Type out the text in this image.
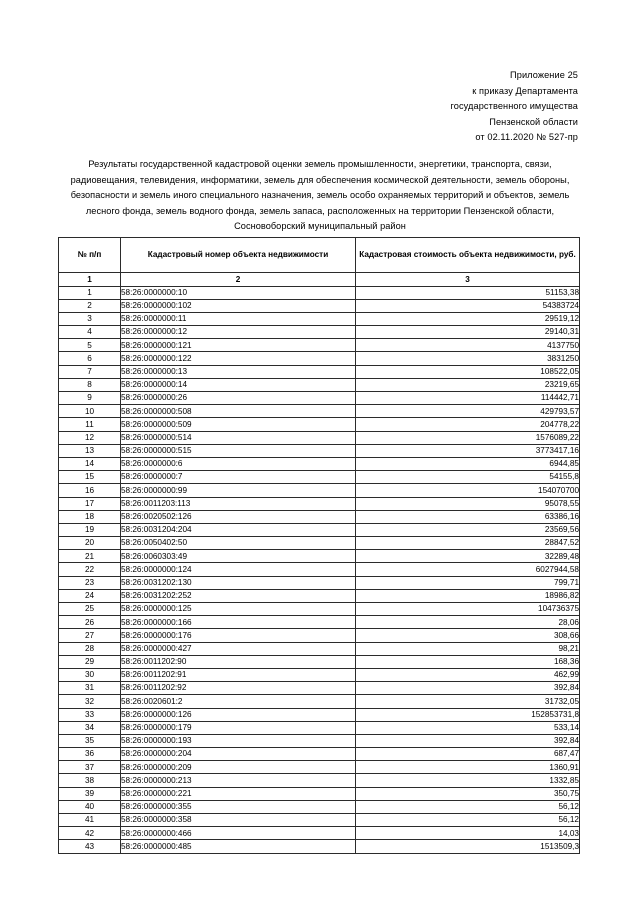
Приложение 25
к приказу Департамента
государственного имущества
Пензенской области
от 02.11.2020 № 527-пр
Результаты государственной кадастровой оценки земель промышленности, энергетики, транспорта, связи, радиовещания, телевидения, информатики, земель для обеспечения космической деятельности, земель обороны, безопасности и земель иного специального назначения, земель особо охраняемых территорий и объектов, земель лесного фонда, земель водного фонда, земель запаса, расположенных на территории Пензенской области, Сосновоборский муниципальный район
№ п/п	Кадастровый номер объекта недвижимости	Кадастровая стоимость объекта недвижимости, руб.
1	2	3
1	58:26:0000000:10	51153,38
2	58:26:0000000:102	54383724
3	58:26:0000000:11	29519,12
4	58:26:0000000:12	29140,31
5	58:26:0000000:121	4137750
6	58:26:0000000:122	3831250
7	58:26:0000000:13	108522,05
8	58:26:0000000:14	23219,65
9	58:26:0000000:26	114442,71
10	58:26:0000000:508	429793,57
11	58:26:0000000:509	204778,22
12	58:26:0000000:514	1576089,22
13	58:26:0000000:515	3773417,16
14	58:26:0000000:6	6944,85
15	58:26:0000000:7	54155,8
16	58:26:0000000:99	154070700
17	58:26:0011203:113	95078,55
18	58:26:0020502:126	63386,16
19	58:26:0031204:204	23569,56
20	58:26:0050402:50	28847,52
21	58:26:0060303:49	32289,48
22	58:26:0000000:124	6027944,58
23	58:26:0031202:130	799,71
24	58:26:0031202:252	18986,82
25	58:26:0000000:125	104736375
26	58:26:0000000:166	28,06
27	58:26:0000000:176	308,66
28	58:26:0000000:427	98,21
29	58:26:0011202:90	168,36
30	58:26:0011202:91	462,99
31	58:26:0011202:92	392,84
32	58:26:0020601:2	31732,05
33	58:26:0000000:126	152853731,8
34	58:26:0000000:179	533,14
35	58:26:0000000:193	392,84
36	58:26:0000000:204	687,47
37	58:26:0000000:209	1360,91
38	58:26:0000000:213	1332,85
39	58:26:0000000:221	350,75
40	58:26:0000000:355	56,12
41	58:26:0000000:358	56,12
42	58:26:0000000:466	14,03
43	58:26:0000000:485	1513509,3
